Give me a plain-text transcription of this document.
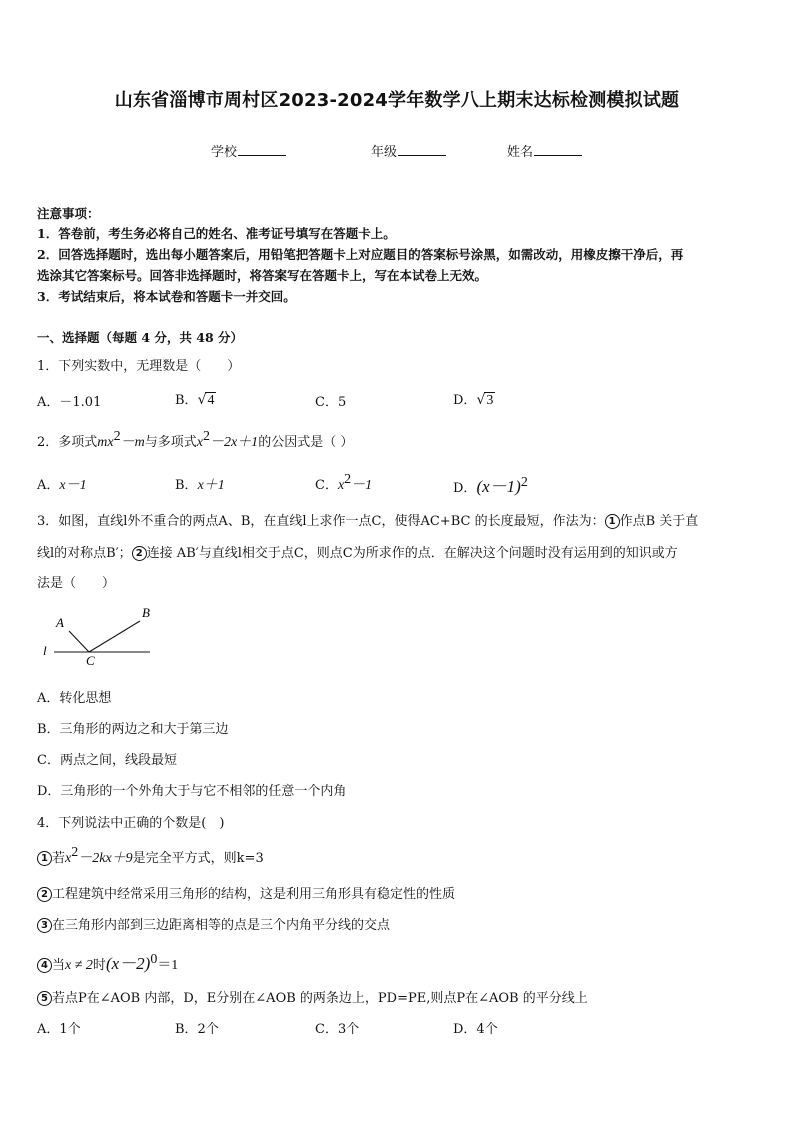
山东省淄博市周村区2023-2024学年数学八上期末达标检测模拟试题
学校	年级	姓名
注意事项：
1．答卷前，考生务必将自己的姓名、准考证号填写在答题卡上。
2．回答选择题时，选出每小题答案后，用铅笔把答题卡上对应题目的答案标号涂黑，如需改动，用橡皮擦干净后，再
选涂其它答案标号。回答非选择题时，将答案写在答题卡上，写在本试卷上无效。
3．考试结束后，将本试卷和答题卡一并交回。
一、选择题（每题 4 分，共 48 分）
1．下列实数中，无理数是（　　）
A．－1.01	B．√4	C．5	D．√3
2．多项式$mx^2-m$与多项式$x^2-2x+1$的公因式是（ ）
A．x－1	B．x＋1	C．$x^2-1$	D．$(x-1)^2$
3．如图，直线l外不重合的两点A、B，在直线l上求作一点C，使得AC+BC 的长度最短，作法为： 1 作点B 关于直
线l的对称点B′； 2 连接 AB′与直线l相交于点C，则点C为所求作的点．在解决这个问题时没有运用到的知识或方
法是（　　）
A
B
C
l
A．转化思想
B．三角形的两边之和大于第三边
C．两点之间，线段最短
D．三角形的一个外角大于与它不相邻的任意一个内角
4．下列说法中正确的个数是(　)
1 若$x^2-2kx+9$是完全平方式，则k=3
2 工程建筑中经常采用三角形的结构，这是利用三角形具有稳定性的性质
3 在三角形内部到三边距离相等的点是三个内角平分线的交点
4 当x ≠ 2时$(x-2)^0=1$
5 若点P在∠AOB 内部，D，E分别在∠AOB 的两条边上，PD=PE,则点P在∠AOB 的平分线上
A．1个	B．2个	C．3个	D．4个
